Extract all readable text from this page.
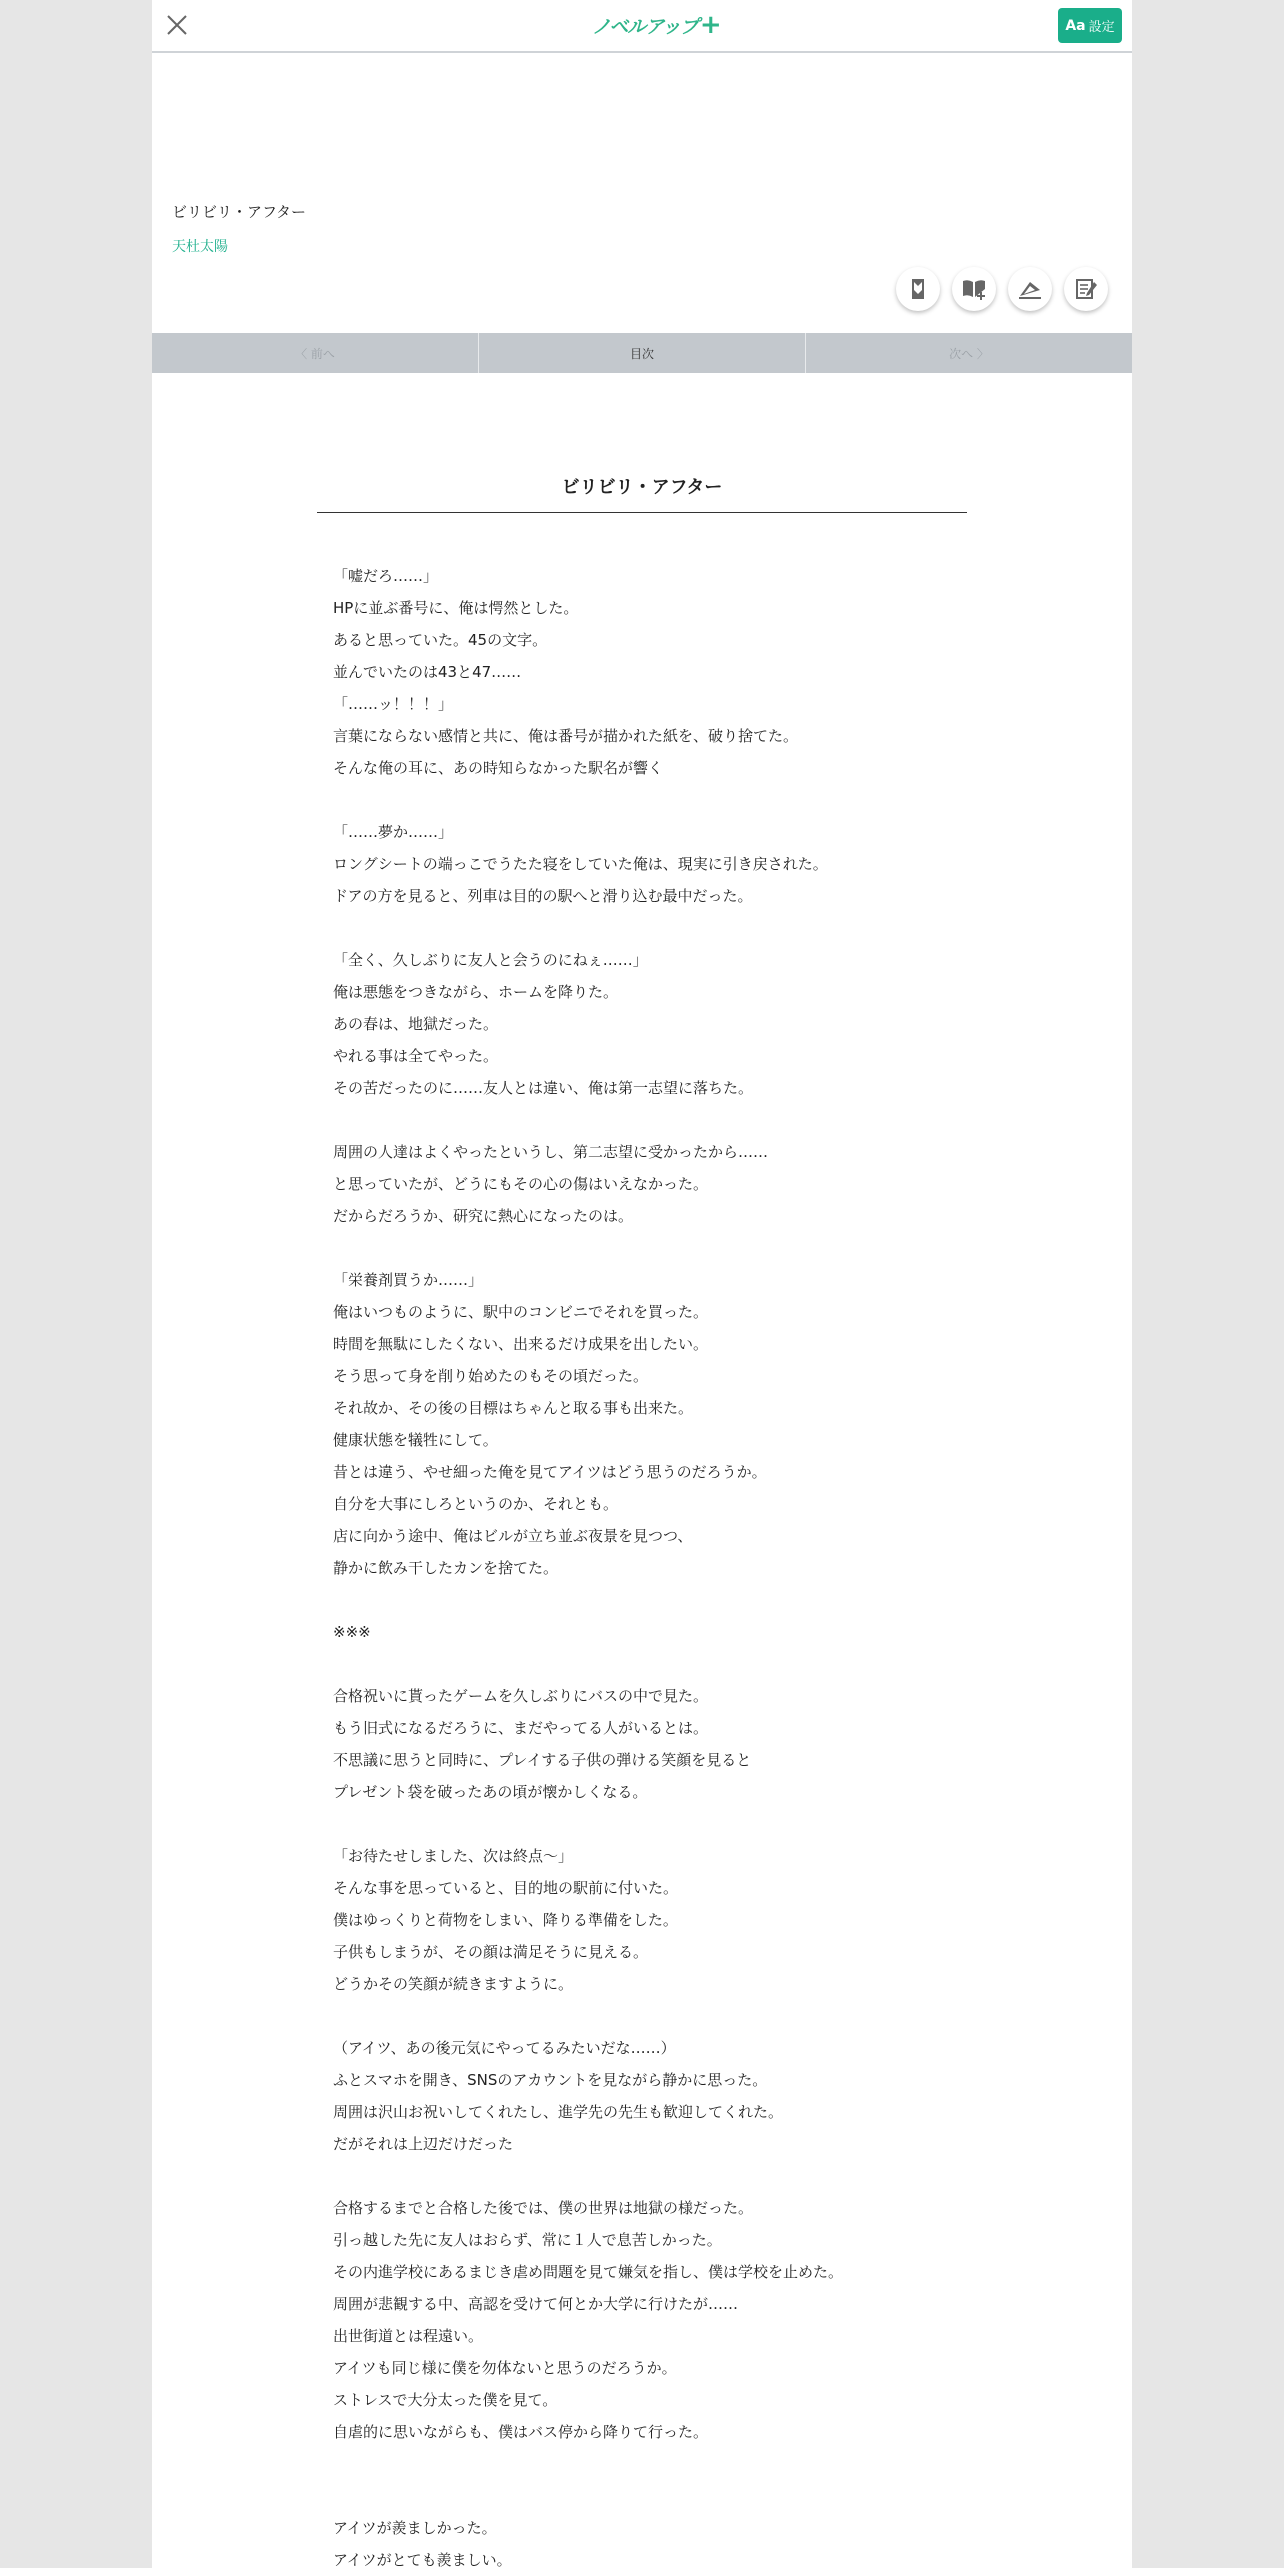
ノベルアップ +	Aa 設定
ビリビリ・アフター
天杜太陽
〈 前へ	目次	次へ 〉
ビリビリ・アフター
「嘘だろ……」
HPに並ぶ番号に、俺は愕然とした。
あると思っていた。45の文字。
並んでいたのは43と47……
「……ッ！！！」
言葉にならない感情と共に、俺は番号が描かれた紙を、破り捨てた。
そんな俺の耳に、あの時知らなかった駅名が響く
「……夢か……」
ロングシートの端っこでうたた寝をしていた俺は、現実に引き戻された。
ドアの方を見ると、列車は目的の駅へと滑り込む最中だった。
「全く、久しぶりに友人と会うのにねぇ……」
俺は悪態をつきながら、ホームを降りた。
あの春は、地獄だった。
やれる事は全てやった。
その苦だったのに……友人とは違い、俺は第一志望に落ちた。
周囲の人達はよくやったというし、第二志望に受かったから……
と思っていたが、どうにもその心の傷はいえなかった。
だからだろうか、研究に熱心になったのは。
「栄養剤買うか……」
俺はいつものように、駅中のコンビニでそれを買った。
時間を無駄にしたくない、出来るだけ成果を出したい。
そう思って身を削り始めたのもその頃だった。
それ故か、その後の目標はちゃんと取る事も出来た。
健康状態を犠牲にして。
昔とは違う、やせ細った俺を見てアイツはどう思うのだろうか。
自分を大事にしろというのか、それとも。
店に向かう途中、俺はビルが立ち並ぶ夜景を見つつ、
静かに飲み干したカンを捨てた。
※※※
合格祝いに貰ったゲームを久しぶりにバスの中で見た。
もう旧式になるだろうに、まだやってる人がいるとは。
不思議に思うと同時に、プレイする子供の弾ける笑顔を見ると
プレゼント袋を破ったあの頃が懐かしくなる。
「お待たせしました、次は終点～」
そんな事を思っていると、目的地の駅前に付いた。
僕はゆっくりと荷物をしまい、降りる準備をした。
子供もしまうが、その顔は満足そうに見える。
どうかその笑顔が続きますように。
（アイツ、あの後元気にやってるみたいだな……）
ふとスマホを開き、SNSのアカウントを見ながら静かに思った。
周囲は沢山お祝いしてくれたし、進学先の先生も歓迎してくれた。
だがそれは上辺だけだった
合格するまでと合格した後では、僕の世界は地獄の様だった。
引っ越した先に友人はおらず、常に１人で息苦しかった。
その内進学校にあるまじき虐め問題を見て嫌気を指し、僕は学校を止めた。
周囲が悲観する中、高認を受けて何とか大学に行けたが……
出世街道とは程遠い。
アイツも同じ様に僕を勿体ないと思うのだろうか。
ストレスで大分太った僕を見て。
自虐的に思いながらも、僕はバス停から降りて行った。
アイツが羨ましかった。
アイツがとても羨ましい。
